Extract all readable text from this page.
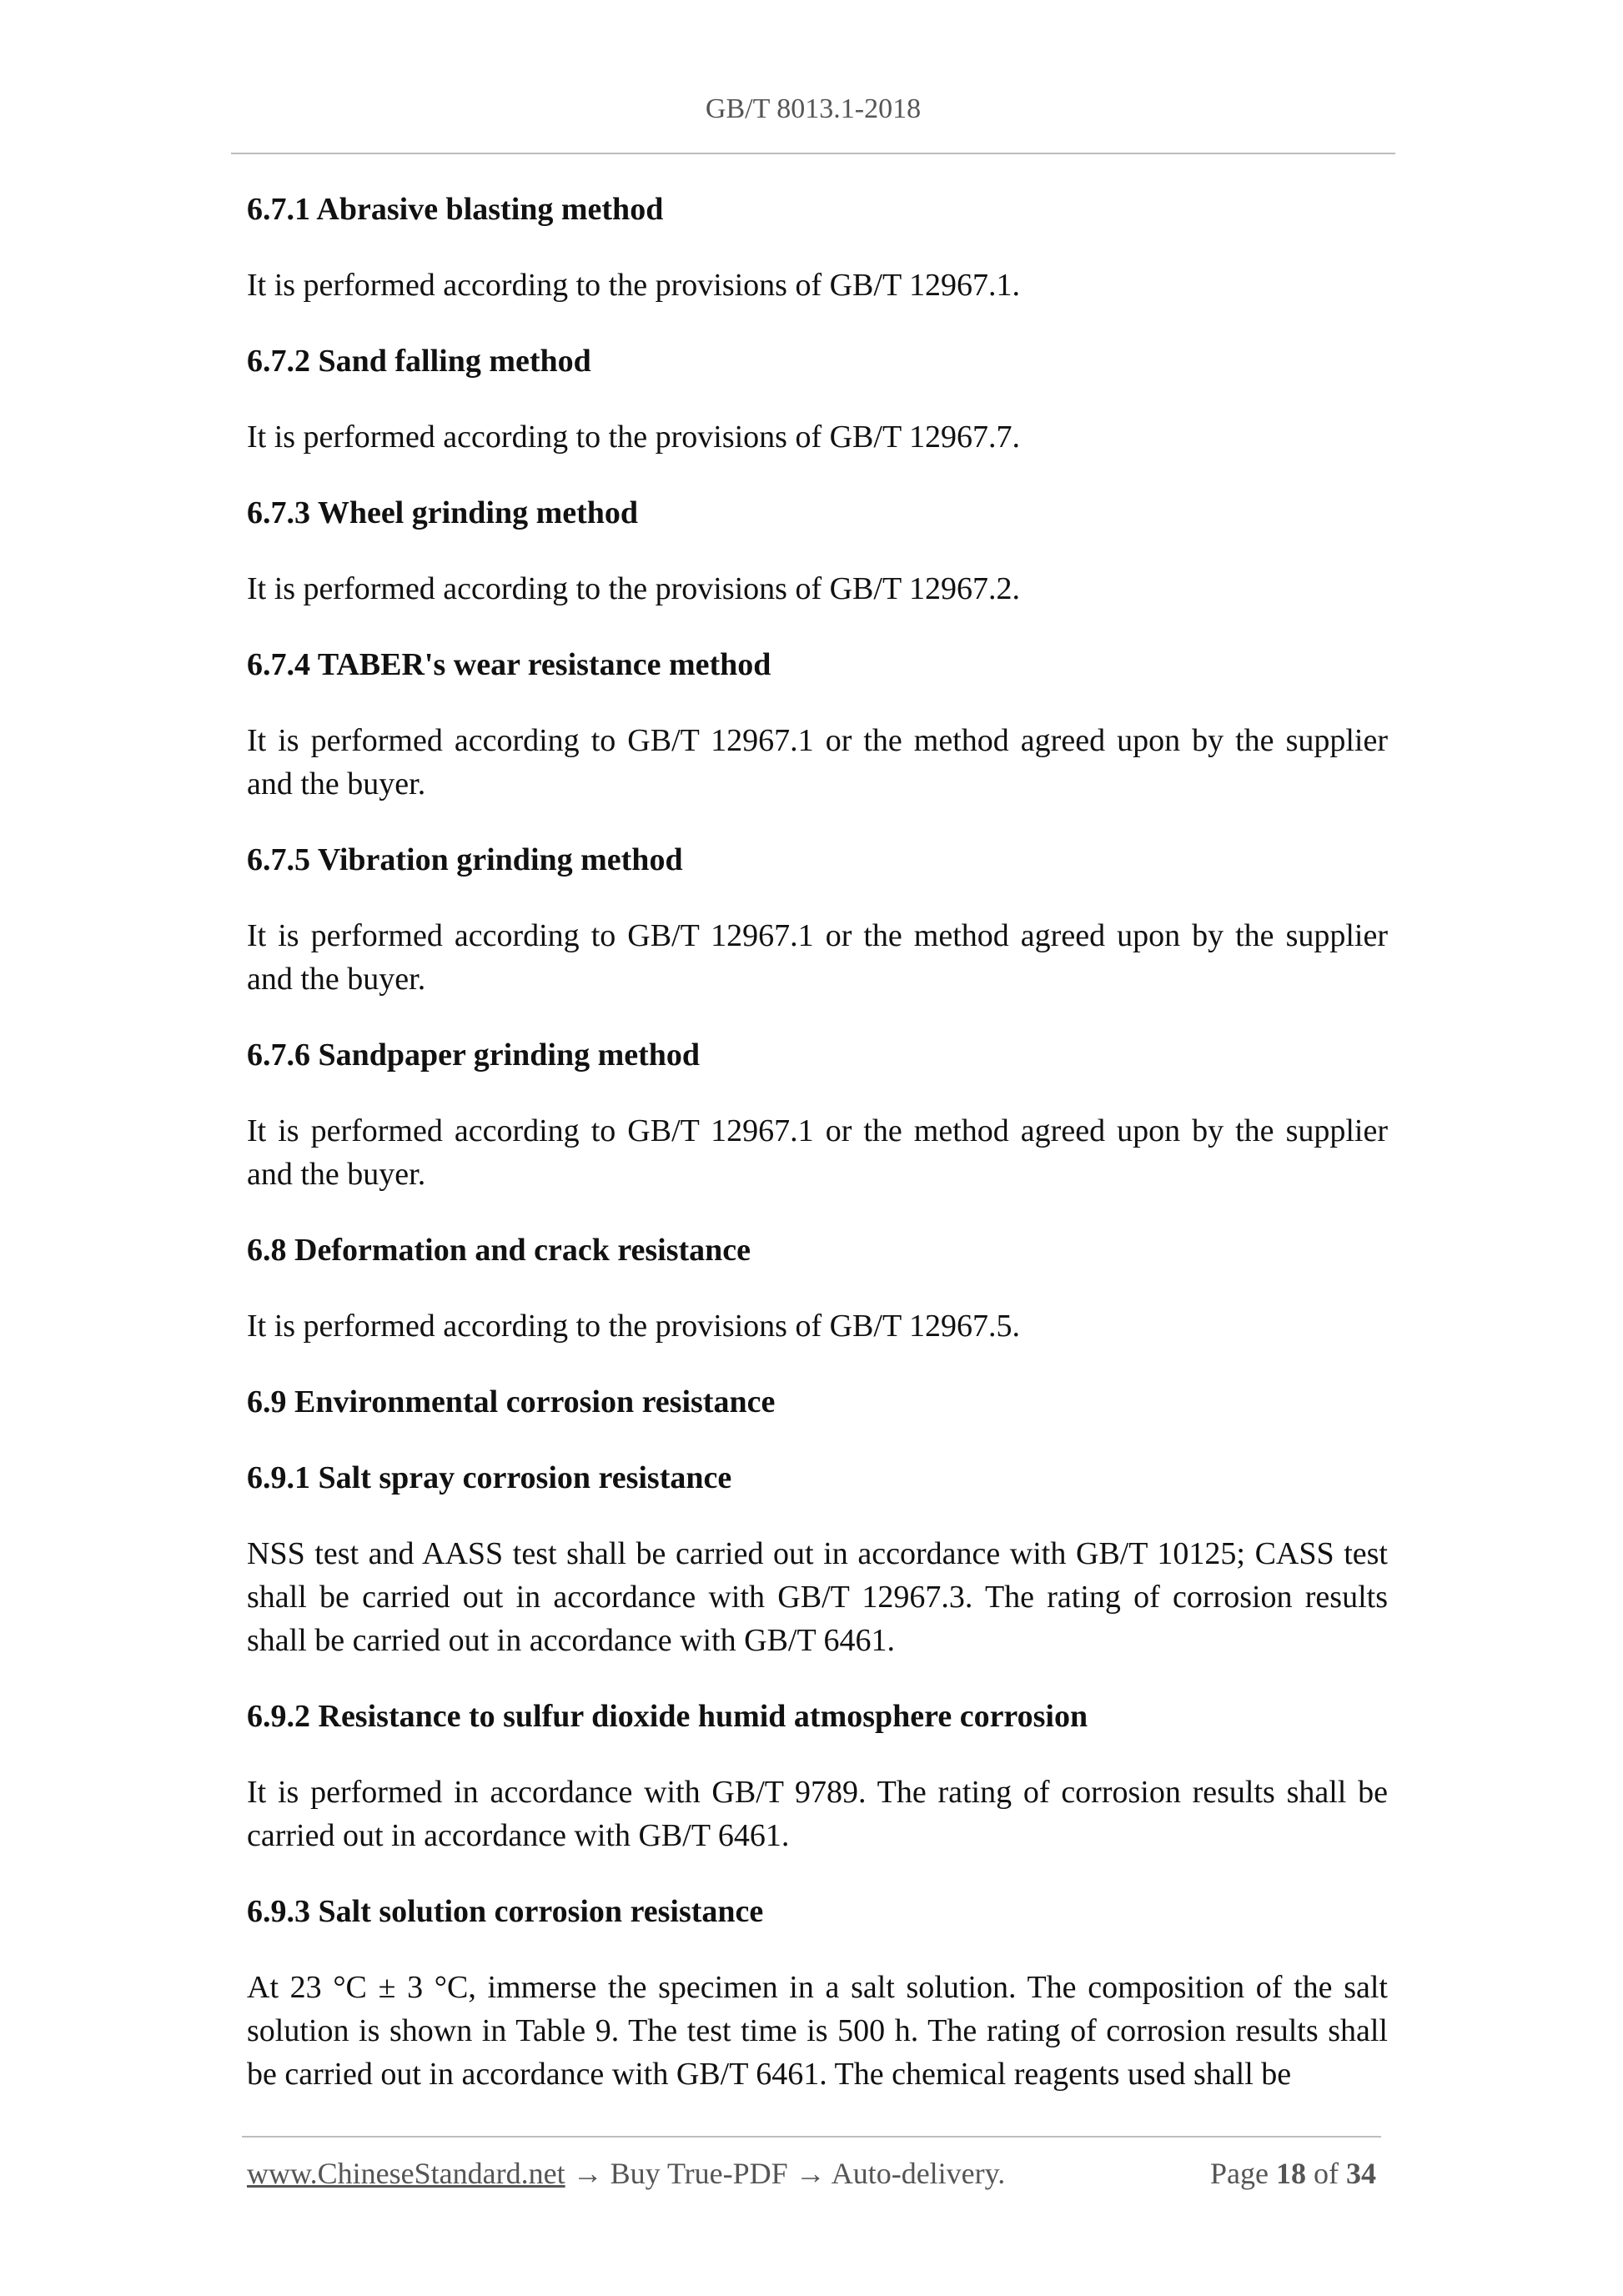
GB/T 8013.1-2018
6.7.1 Abrasive blasting method
It is performed according to the provisions of GB/T 12967.1.
6.7.2 Sand falling method
It is performed according to the provisions of GB/T 12967.7.
6.7.3 Wheel grinding method
It is performed according to the provisions of GB/T 12967.2.
6.7.4 TABER's wear resistance method
It is performed according to GB/T 12967.1 or the method agreed upon by the supplier and the buyer.
6.7.5 Vibration grinding method
It is performed according to GB/T 12967.1 or the method agreed upon by the supplier and the buyer.
6.7.6 Sandpaper grinding method
It is performed according to GB/T 12967.1 or the method agreed upon by the supplier and the buyer.
6.8 Deformation and crack resistance
It is performed according to the provisions of GB/T 12967.5.
6.9 Environmental corrosion resistance
6.9.1 Salt spray corrosion resistance
NSS test and AASS test shall be carried out in accordance with GB/T 10125; CASS test shall be carried out in accordance with GB/T 12967.3. The rating of corrosion results shall be carried out in accordance with GB/T 6461.
6.9.2 Resistance to sulfur dioxide humid atmosphere corrosion
It is performed in accordance with GB/T 9789. The rating of corrosion results shall be carried out in accordance with GB/T 6461.
6.9.3 Salt solution corrosion resistance
At 23 °C ± 3 °C, immerse the specimen in a salt solution. The composition of the salt solution is shown in Table 9. The test time is 500 h. The rating of corrosion results shall be carried out in accordance with GB/T 6461. The chemical reagents used shall be
www.ChineseStandard.net → Buy True-PDF → Auto-delivery.	Page 18 of 34
